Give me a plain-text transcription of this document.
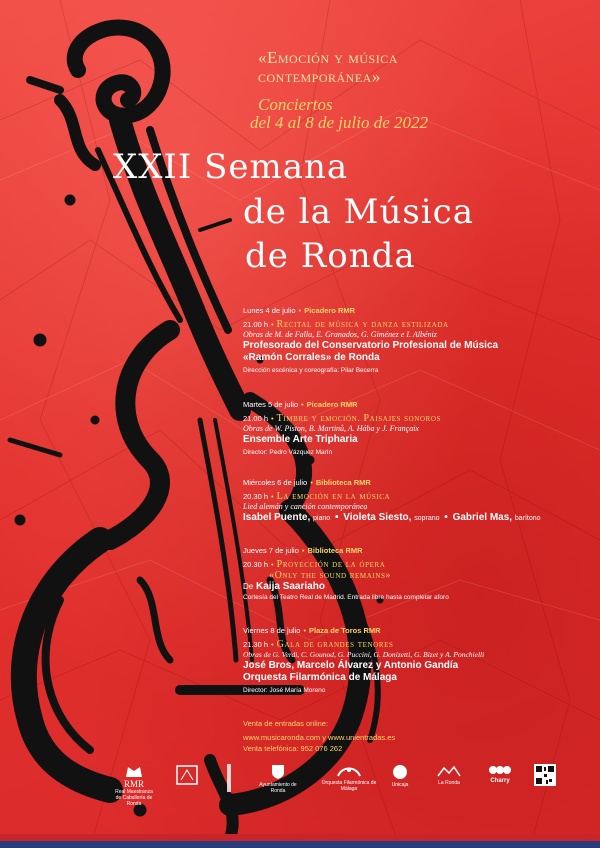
«Emoción y música
contemporánea»
Conciertos
del 4 al 8 de julio de 2022
XXII Semana
de la Música
de Ronda
Lunes 4 de julio • Picadero RMR
21.00 h • Recital de música y danza estilizada
Obras de M. de Falla, E. Granados, G. Giménez e I. Albéniz
Profesorado del Conservatorio Profesional de Música
«Ramón Corrales» de Ronda
Dirección escénica y coreografía: Pilar Becerra
Martes 5 de julio • Picadero RMR
21.00 h • Timbre y emoción. Paisajes sonoros
Obras de W. Piston, B. Martinů, A. Hába y J. Françaix
Ensemble Arte Tripharia
Director: Pedro Vázquez Marín
Miércoles 6 de julio • Biblioteca RMR
20.30 h • La emoción en la música
Lied alemán y canción contemporánea
Isabel Puente, piano • Violeta Siesto, soprano • Gabriel Mas, barítono
Jueves 7 de julio • Biblioteca RMR
20.30 h • Proyección de la ópera
«Only the sound remains»
De Kaija Saariaho
Cortesía del Teatro Real de Madrid. Entrada libre hasta completar aforo
Viernes 8 de julio • Plaza de Toros RMR
21.30 h • Gala de grandes tenores
Obras de G. Verdi, C. Gounod, G. Puccini, G. Donizetti, G. Bizet y A. Ponchielli
José Bros, Marcelo Álvarez y Antonio Gandía
Orquesta Filarmónica de Málaga
Director: José María Moreno
Venta de entradas online:
www.musicaronda.com y www.unientradas.es
Venta telefónica: 952 076 262
RMR
Real Maestranza de Caballería de Ronda
Ayuntamiento de Ronda
Orquesta Filarmónica de Málaga
Unicaja	La Ronda	Charry
